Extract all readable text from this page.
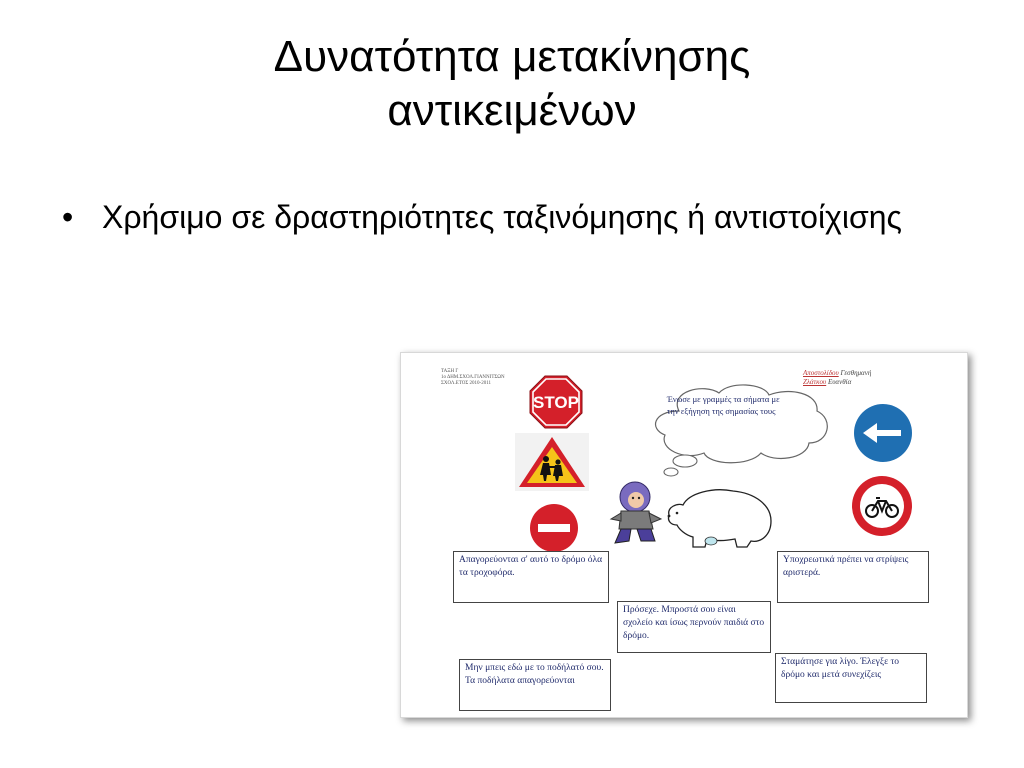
Δυνατότητα μετακίνησης
αντικειμένων
• Χρήσιμο σε δραστηριότητες ταξινόμησης ή αντιστοίχισης
ΤΑΞΗ Γ
1ο ΔΗΜ.ΣΧΟΛ.ΓΙΑΝΝΙΤΣΩΝ
ΣΧΟΛ.ΕΤΟΣ 2010-2011
Αποστολίδου Γεσθημανή
Ζλάτκου Ευανθία
STOP	Ένωσε με γραμμές τα σήματα με την εξήγηση της σημασίας τους
Απαγορεύονται σ' αυτό το δρόμο όλα τα τροχοφόρα.
Υποχρεωτικά πρέπει να στρίψεις αριστερά.
Πρόσεχε. Μπροστά σου είναι σχολείο και ίσως περνούν παιδιά στο δρόμο.
Μην μπεις εδώ με το ποδήλατό σου. Τα ποδήλατα απαγορεύονται
Σταμάτησε για λίγο. Έλεγξε το δρόμο και μετά συνεχίζεις
